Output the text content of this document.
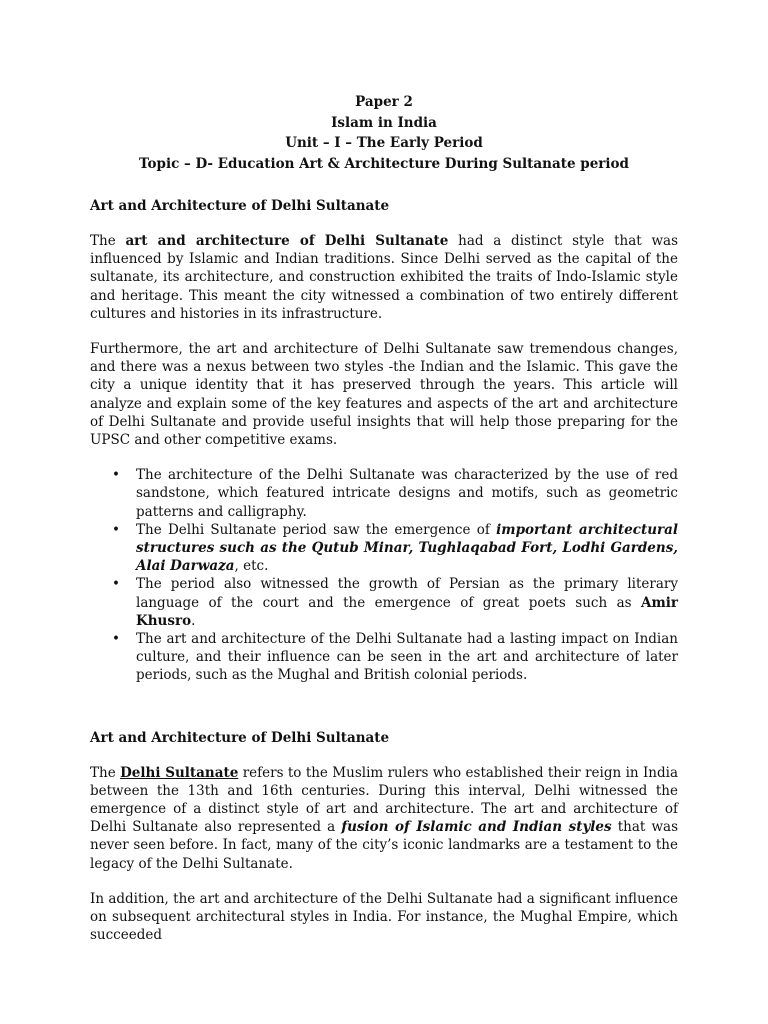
Paper 2
Islam in India
Unit – I – The Early Period
Topic – D- Education Art & Architecture During Sultanate period
Art and Architecture of Delhi Sultanate

The art and architecture of Delhi Sultanate had a distinct style that was influenced by Islamic and Indian traditions. Since Delhi served as the capital of the sultanate, its architecture, and construction exhibited the traits of Indo-Islamic style and heritage. This meant the city witnessed a combination of two entirely different cultures and histories in its infrastructure.

Furthermore, the art and architecture of Delhi Sultanate saw tremendous changes, and there was a nexus between two styles -the Indian and the Islamic. This gave the city a unique identity that it has preserved through the years. This article will analyze and explain some of the key features and aspects of the art and architecture of Delhi Sultanate and provide useful insights that will help those preparing for the UPSC and other competitive exams.

• The architecture of the Delhi Sultanate was characterized by the use of red sandstone, which featured intricate designs and motifs, such as geometric patterns and calligraphy.
• The Delhi Sultanate period saw the emergence of important architectural structures such as the Qutub Minar, Tughlaqabad Fort, Lodhi Gardens, Alai Darwaza, etc.
• The period also witnessed the growth of Persian as the primary literary language of the court and the emergence of great poets such as Amir Khusro.
• The art and architecture of the Delhi Sultanate had a lasting impact on Indian culture, and their influence can be seen in the art and architecture of later periods, such as the Mughal and British colonial periods.
Art and Architecture of Delhi Sultanate

The Delhi Sultanate refers to the Muslim rulers who established their reign in India between the 13th and 16th centuries. During this interval, Delhi witnessed the emergence of a distinct style of art and architecture. The art and architecture of Delhi Sultanate also represented a fusion of Islamic and Indian styles that was never seen before. In fact, many of the city’s iconic landmarks are a testament to the legacy of the Delhi Sultanate.

In addition, the art and architecture of the Delhi Sultanate had a significant influence on subsequent architectural styles in India. For instance, the Mughal Empire, which succeeded
